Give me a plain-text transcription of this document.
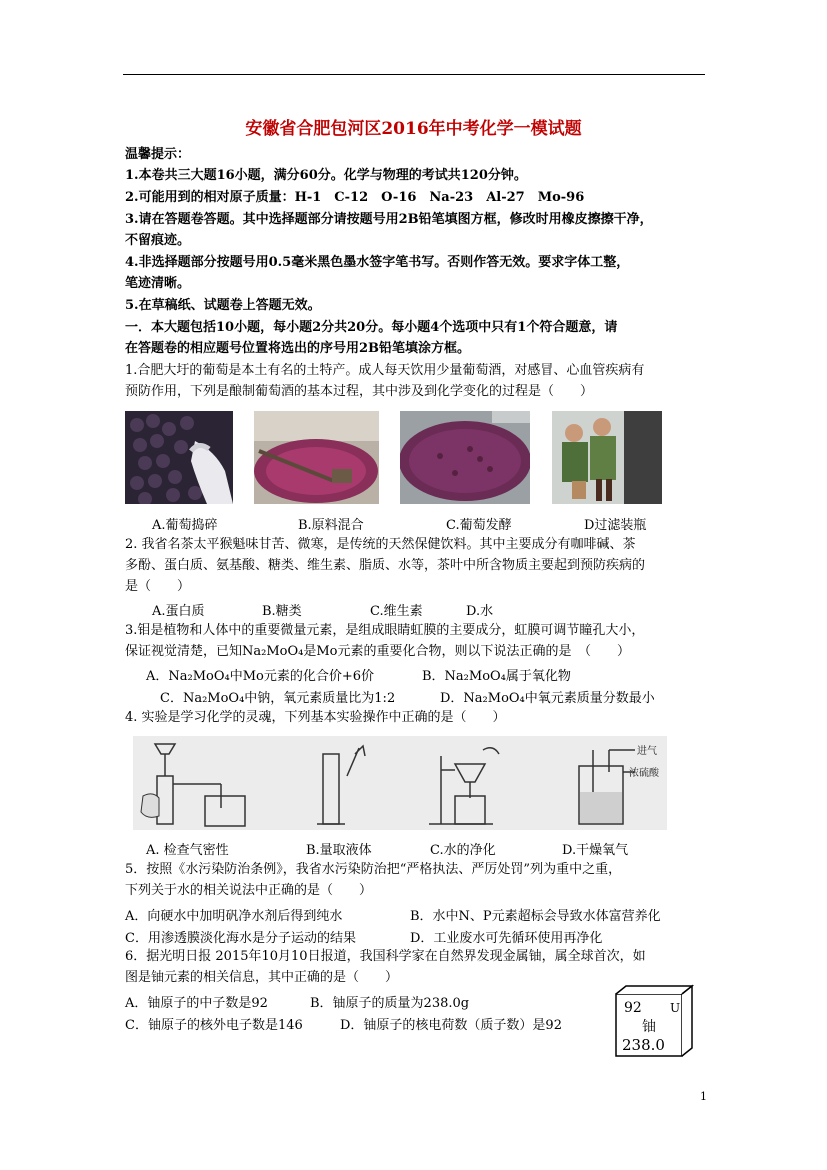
安徽省合肥包河区2016年中考化学一模试题
温馨提示：
1.本卷共三大题16小题，满分60分。化学与物理的考试共120分钟。
2.可能用到的相对原子质量：H-1　C-12　O-16　Na-23　Al-27　Mo-96
3.请在答题卷答题。其中选择题部分请按题号用2B铅笔填图方框，修改时用橡皮擦擦干净，
不留痕迹。
4.非选择题部分按题号用0.5毫米黑色墨水签字笔书写。否则作答无效。要求字体工整，
笔迹清晰。
5.在草稿纸、试题卷上答题无效。
一．本大题包括10小题，每小题2分共20分。每小题4个选项中只有1个符合题意，请
在答题卷的相应题号位置将选出的序号用2B铅笔填涂方框。
1.合肥大圩的葡萄是本土有名的土特产。成人每天饮用少量葡萄酒，对感冒、心血管疾病有
预防作用，下列是酿制葡萄酒的基本过程，其中涉及到化学变化的过程是（　　）
A.葡萄捣碎	B.原料混合	C.葡萄发酵	D过滤装瓶
2. 我省名茶太平猴魁味甘苦、微寒，是传统的天然保健饮料。其中主要成分有咖啡碱、茶
多酚、蛋白质、氨基酸、糖类、维生素、脂质、水等，茶叶中所含物质主要起到预防疾病的
是（　　）
A.蛋白质	B.糖类	C.维生素	D.水
3.钼是植物和人体中的重要微量元素，是组成眼睛虹膜的主要成分，虹膜可调节瞳孔大小，
保证视觉清楚，已知Na₂MoO₄是Mo元素的重要化合物，则以下说法正确的是　（　　）
A．Na₂MoO₄中Mo元素的化合价+6价	B．Na₂MoO₄属于氧化物
C．Na₂MoO₄中钠，氧元素质量比为1:2	D．Na₂MoO₄中氧元素质量分数最小
4. 实验是学习化学的灵魂，下列基本实验操作中正确的是（　　）
进气
浓硫酸
A. 检查气密性	B.量取液体	C.水的净化	D.干燥氧气
5．按照《水污染防治条例》，我省水污染防治把“严格执法、严厉处罚”列为重中之重，
下列关于水的相关说法中正确的是（　　）
A．向硬水中加明矾净水剂后得到纯水	B．水中N、P元素超标会导致水体富营养化
C．用渗透膜淡化海水是分子运动的结果	D．工业废水可先循环使用再净化
6．据光明日报 2015年10月10日报道，我国科学家在自然界发现金属铀，属全球首次，如
图是铀元素的相关信息，其中正确的是（　　）
A．铀原子的中子数是92	B．铀原子的质量为238.0g
C．铀原子的核外电子数是146	D．铀原子的核电荷数（质子数）是92
92 U
铀
238.0
1
